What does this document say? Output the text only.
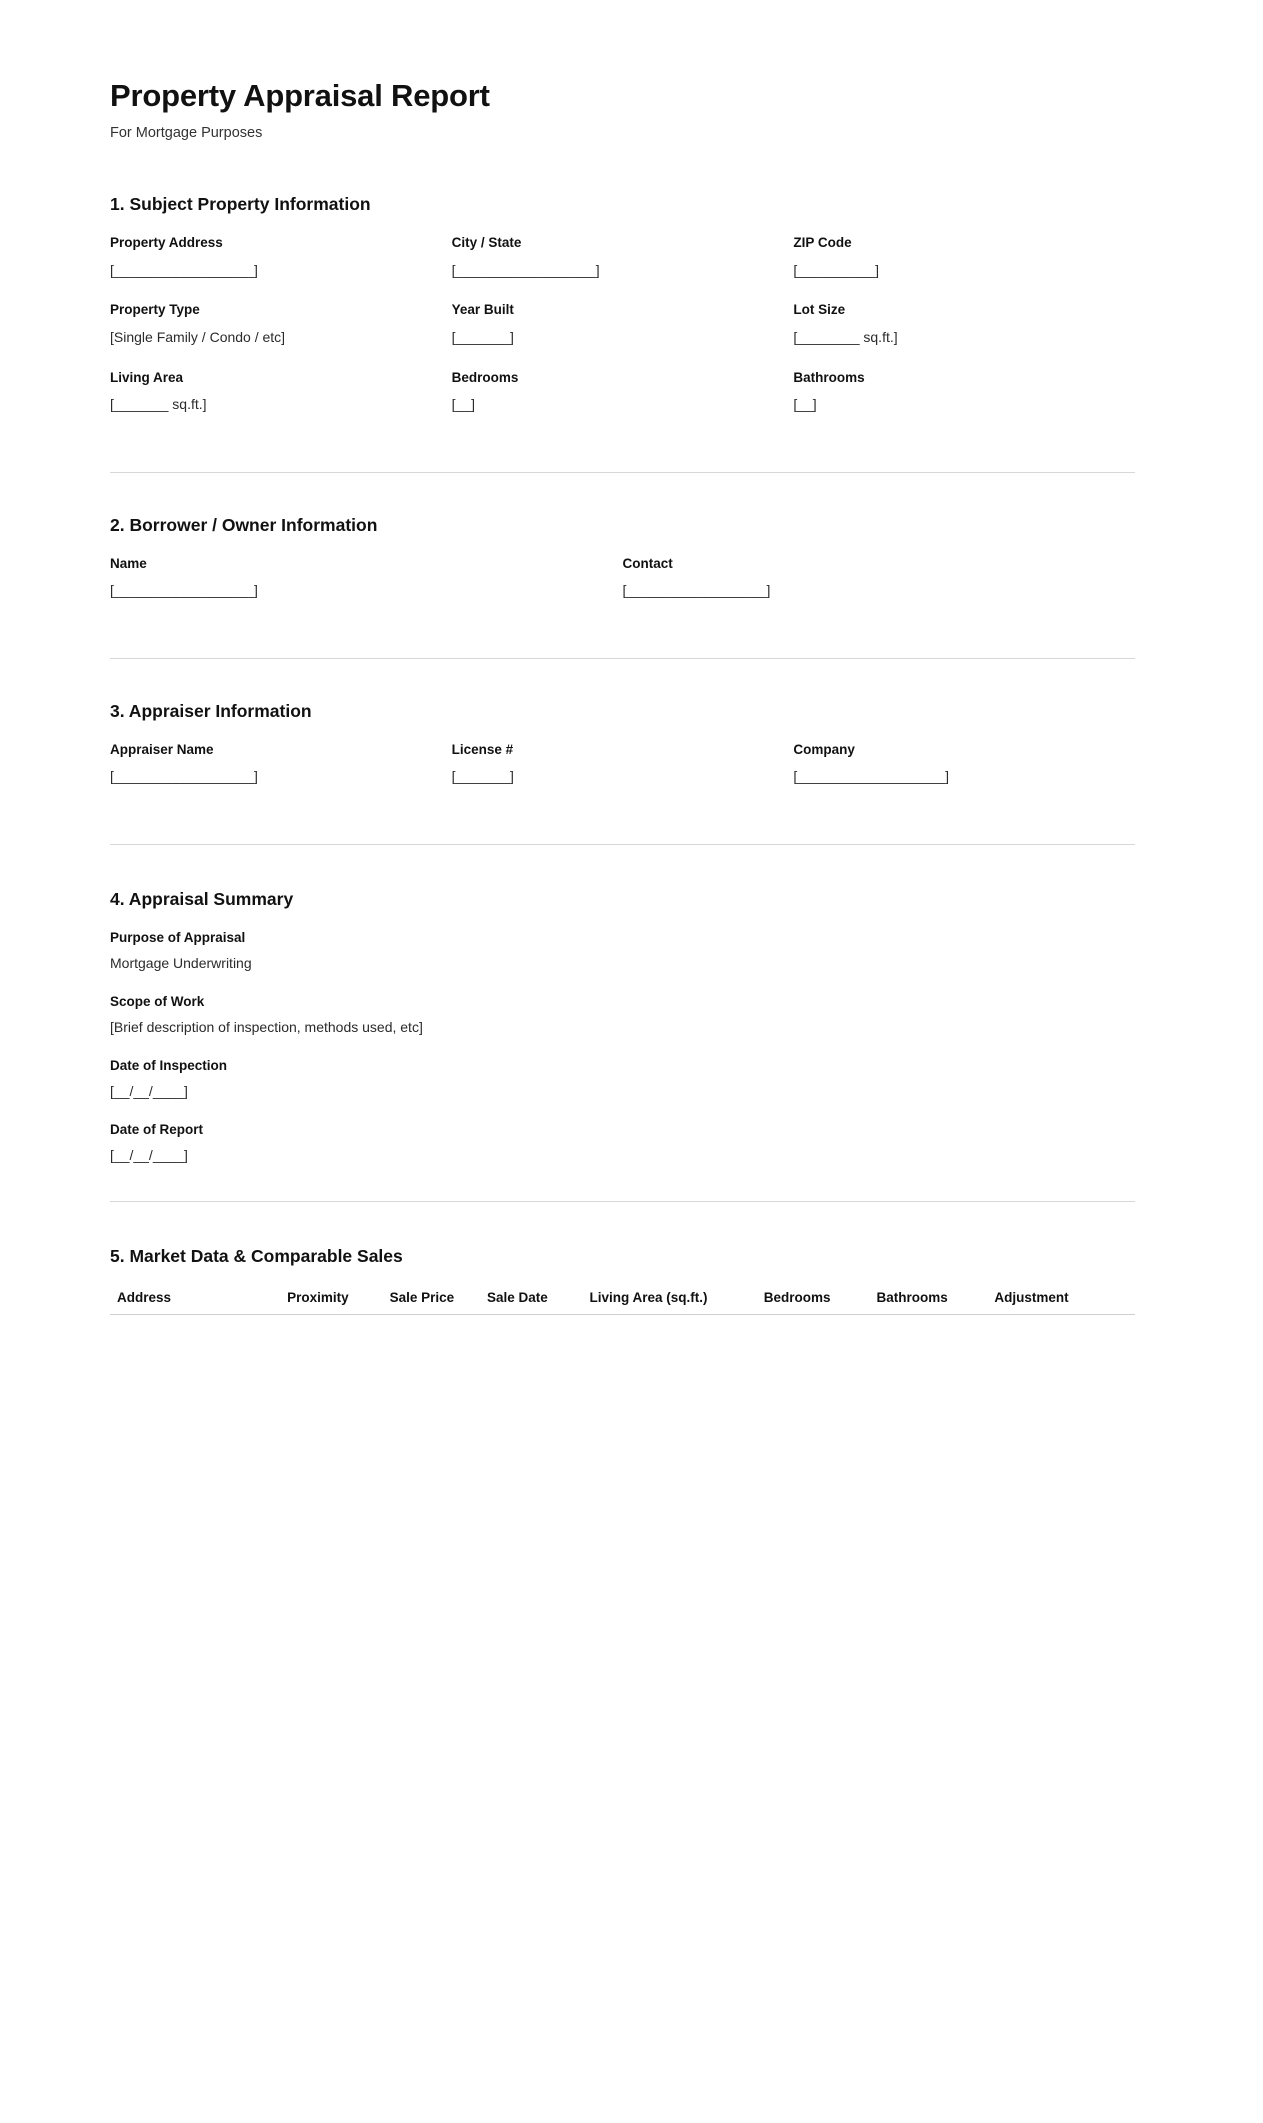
Property Appraisal Report

For Mortgage Purposes

1. Subject Property Information
Property Address
[__________________]
City / State
[__________________]
ZIP Code
[__________]
Property Type
[Single Family / Condo / etc]
Year Built
[_______]
Lot Size
[________ sq.ft.]
Living Area
[_______ sq.ft.]
Bedrooms
[__]
Bathrooms
[__]
2. Borrower / Owner Information
Name
[__________________]
Contact
[__________________]
3. Appraiser Information
Appraiser Name
[__________________]
License #
[_______]
Company
[___________________]
4. Appraisal Summary
Purpose of Appraisal
Mortgage Underwriting
Scope of Work
[Brief description of inspection, methods used, etc]
Date of Inspection
[__/__/____]
Date of Report
[__/__/____]
5. Market Data & Comparable Sales
Address	Proximity	Sale Price	Sale Date	Living Area (sq.ft.)	Bedrooms	Bathrooms	Adjustment
